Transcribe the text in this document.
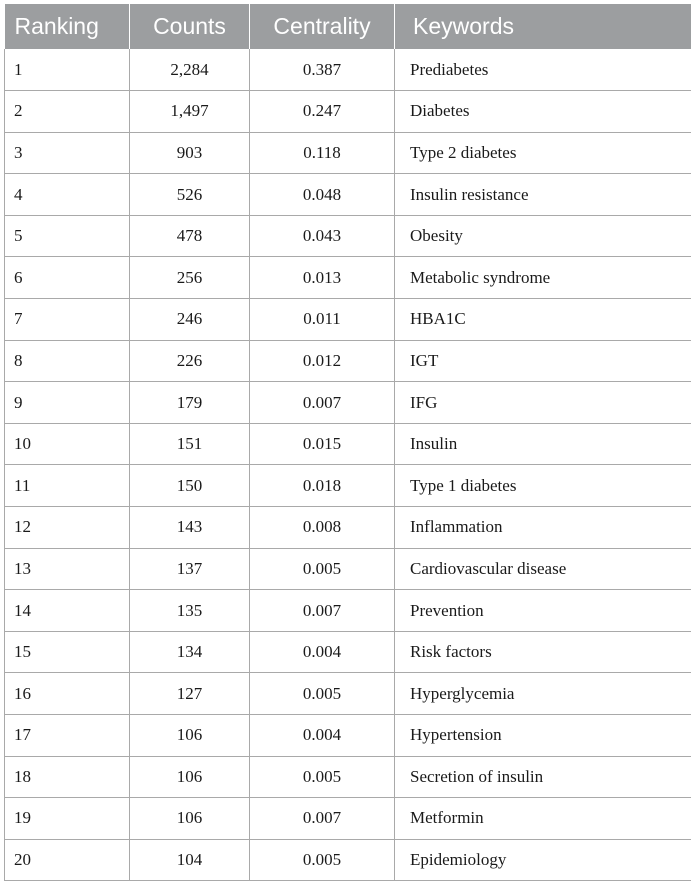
Ranking	Counts	Centrality	Keywords
1	2,284	0.387	Prediabetes
2	1,497	0.247	Diabetes
3	903	0.118	Type 2 diabetes
4	526	0.048	Insulin resistance
5	478	0.043	Obesity
6	256	0.013	Metabolic syndrome
7	246	0.011	HBA1C
8	226	0.012	IGT
9	179	0.007	IFG
10	151	0.015	Insulin
11	150	0.018	Type 1 diabetes
12	143	0.008	Inflammation
13	137	0.005	Cardiovascular disease
14	135	0.007	Prevention
15	134	0.004	Risk factors
16	127	0.005	Hyperglycemia
17	106	0.004	Hypertension
18	106	0.005	Secretion of insulin
19	106	0.007	Metformin
20	104	0.005	Epidemiology
